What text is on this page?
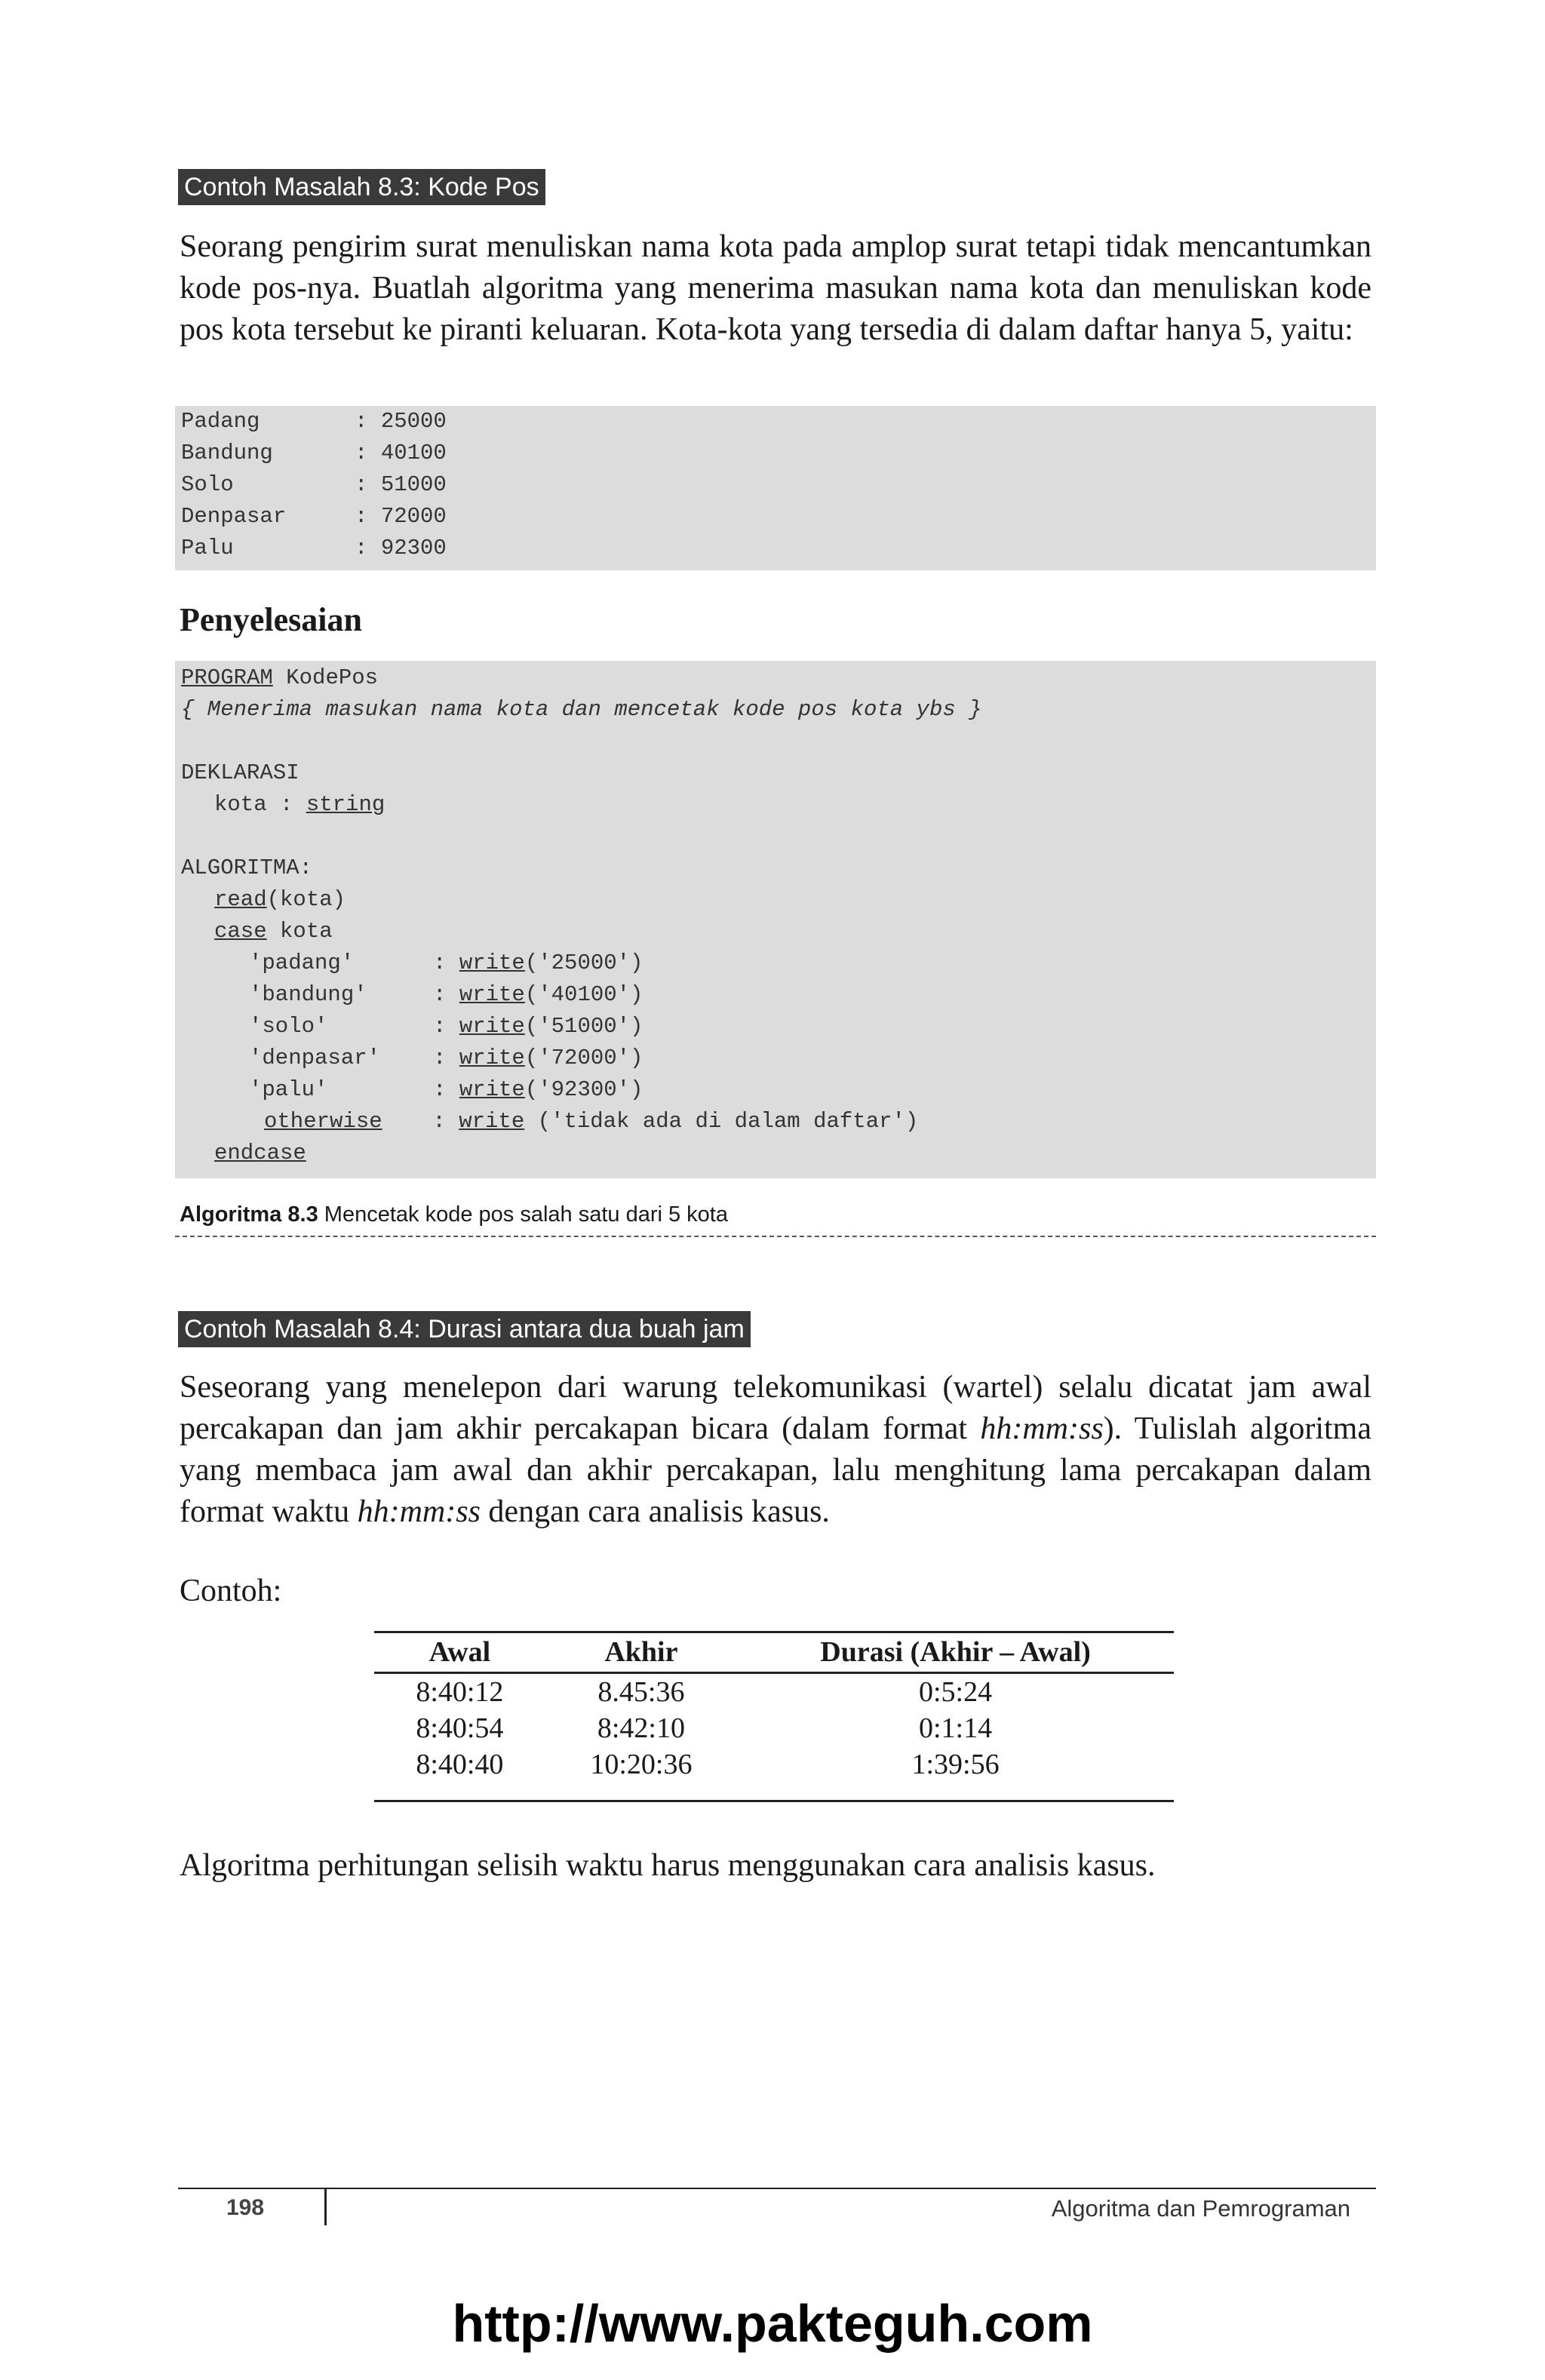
Contoh Masalah 8.3: Kode Pos
Seorang pengirim surat menuliskan nama kota pada amplop surat tetapi tidak mencantumkan kode pos-nya. Buatlah algoritma yang menerima masukan nama kota dan menuliskan kode pos kota tersebut ke piranti keluaran. Kota-kota yang tersedia di dalam daftar hanya 5, yaitu:
Padang	: 25000
Bandung	: 40100
Solo	: 51000
Denpasar	: 72000
Palu	: 92300
Penyelesaian
PROGRAM KodePos
{ Menerima masukan nama kota dan mencetak kode pos kota ybs }
DEKLARASI
kota : string
ALGORITMA:
read(kota)
case kota
'padang'	: write('25000')
'bandung'	: write('40100')
'solo'	: write('51000')
'denpasar' : write('72000')
'palu'	: write('92300')
otherwise : write ('tidak ada di dalam daftar')
endcase
Algoritma 8.3 Mencetak kode pos salah satu dari 5 kota
Contoh Masalah 8.4: Durasi antara dua buah jam
Seseorang yang menelepon dari warung telekomunikasi (wartel) selalu dicatat jam awal percakapan dan jam akhir percakapan bicara (dalam format hh:mm:ss). Tulislah algoritma yang membaca jam awal dan akhir percakapan, lalu menghitung lama percakapan dalam format waktu hh:mm:ss dengan cara analisis kasus.
Contoh:
Awal	Akhir	Durasi (Akhir – Awal)
8:40:12	8.45:36	0:5:24
8:40:54	8:42:10	0:1:14
8:40:40	10:20:36	1:39:56
Algoritma perhitungan selisih waktu harus menggunakan cara analisis kasus.
198	Algoritma dan Pemrograman
http://www.pakteguh.com
